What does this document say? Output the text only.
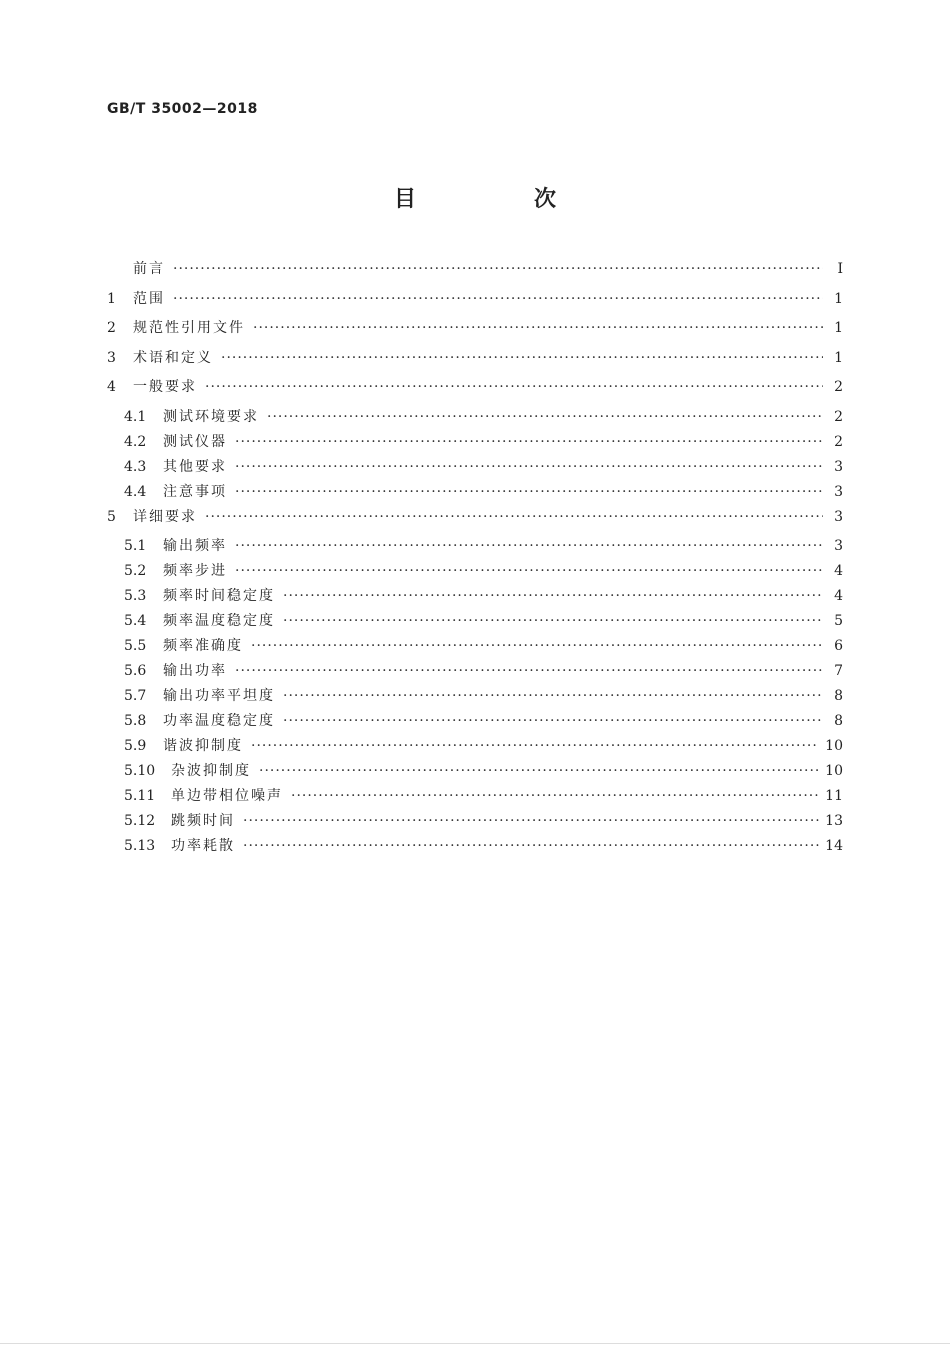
GB/T 35002—2018
目　次
前言 ·····	Ⅰ
1	范围 ·····	1
2	规范性引用文件 ·····	1
3	术语和定义 ·····	1
4	一般要求 ·····	2
4.1	测试环境要求 ·····	2
4.2	测试仪器 ·····	2
4.3	其他要求 ·····	3
4.4	注意事项 ·····	3
5	详细要求 ·····	3
5.1	输出频率 ·····	3
5.2	频率步进 ·····	4
5.3	频率时间稳定度 ·····	4
5.4	频率温度稳定度 ·····	5
5.5	频率准确度 ·····	6
5.6	输出功率 ·····	7
5.7	输出功率平坦度 ·····	8
5.8	功率温度稳定度 ·····	8
5.9	谐波抑制度 ·····	10
5.10	杂波抑制度 ·····	10
5.11	单边带相位噪声 ·····	11
5.12	跳频时间 ·····	13
5.13	功率耗散 ·····	14
